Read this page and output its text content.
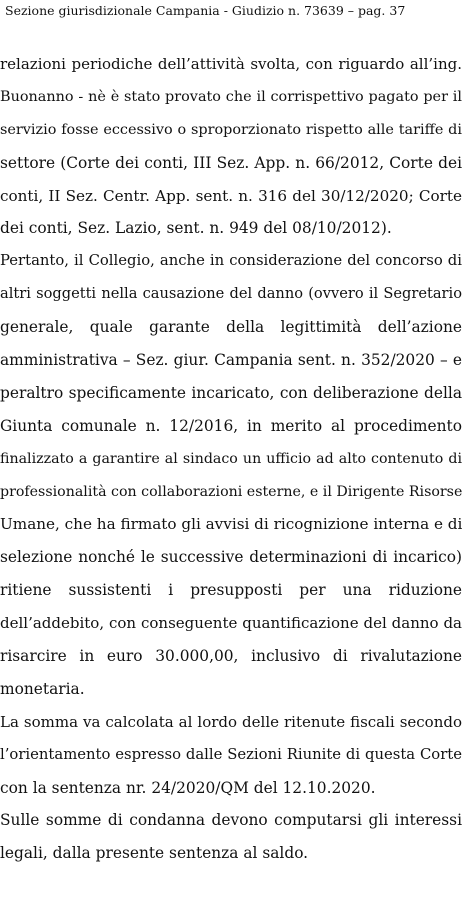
Sezione giurisdizionale Campania - Giudizio n. 73639 – pag. 37
relazioni periodiche dell’attività svolta, con riguardo all’ing.
Buonanno - nè è stato provato che il corrispettivo pagato per il
servizio fosse eccessivo o sproporzionato rispetto alle tariffe di
settore (Corte dei conti, III Sez. App. n. 66/2012, Corte dei
conti, II Sez. Centr. App. sent. n. 316 del 30/12/2020; Corte
dei conti, Sez. Lazio, sent. n. 949 del 08/10/2012).
Pertanto, il Collegio, anche in considerazione del concorso di
altri soggetti nella causazione del danno (ovvero il Segretario
generale, quale garante della legittimità dell’azione
amministrativa – Sez. giur. Campania sent. n. 352/2020 – e
peraltro specificamente incaricato, con deliberazione della
Giunta comunale n. 12/2016, in merito al procedimento
finalizzato a garantire al sindaco un ufficio ad alto contenuto di
professionalità con collaborazioni esterne, e il Dirigente Risorse
Umane, che ha firmato gli avvisi di ricognizione interna e di
selezione nonché le successive determinazioni di incarico)
ritiene sussistenti i presupposti per una riduzione
dell’addebito, con conseguente quantificazione del danno da
risarcire in euro 30.000,00, inclusivo di rivalutazione
monetaria.
La somma va calcolata al lordo delle ritenute fiscali secondo
l’orientamento espresso dalle Sezioni Riunite di questa Corte
con la sentenza nr. 24/2020/QM del 12.10.2020.
Sulle somme di condanna devono computarsi gli interessi
legali, dalla presente sentenza al saldo.
